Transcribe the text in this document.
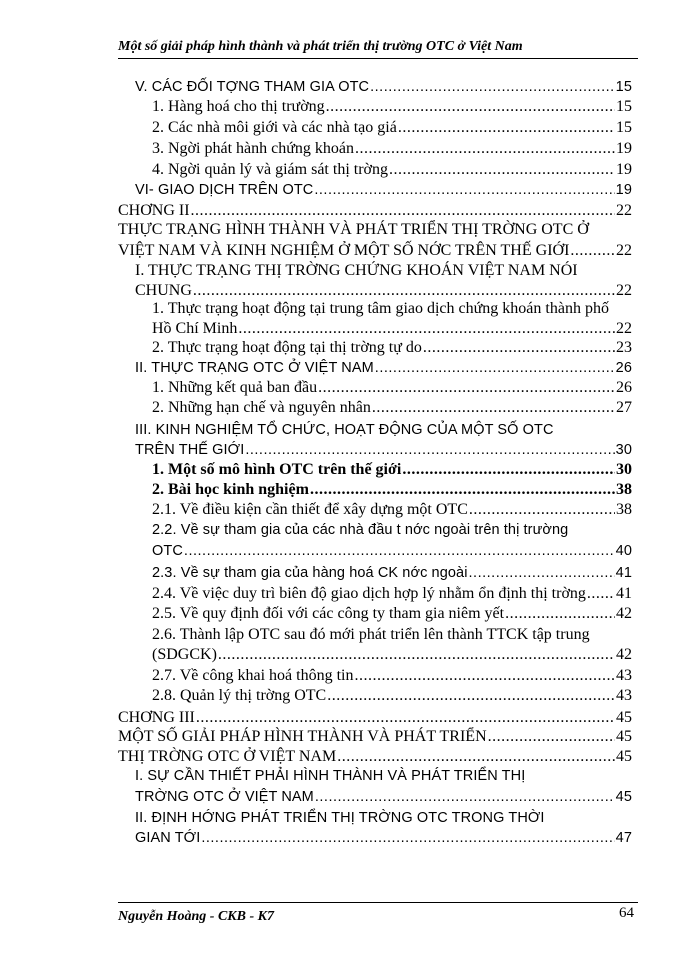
Một số giải pháp hình thành và phát triển thị trường OTC ở Việt Nam
V. CÁC ĐỐI TỢNG THAM GIA OTC .....	15
1. Hàng hoá cho thị trường .....	15
2. Các nhà môi giới và các nhà tạo giá .....	15
3. Ngời phát hành chứng khoán .....	19
4. Ngời quản lý và giám sát thị trờng .....	19
VI- GIAO DỊCH TRÊN OTC .....	19
CHƠNG II .....	22
THỰC TRẠNG HÌNH THÀNH VÀ PHÁT TRIỂN THỊ TRỜNG OTC Ở
VIỆT NAM VÀ KINH NGHIỆM Ở MỘT SỐ NỚC TRÊN THẾ GIỚI .....	22
I. THỰC TRẠNG THỊ TRỜNG CHỨNG KHOÁN VIỆT NAM NÓI
CHUNG .....	22
1. Thực trạng hoạt động tại trung tâm giao dịch chứng khoán thành phố
Hồ Chí Minh .....	22
2. Thực trạng hoạt động tại thị trờng tự do .....	23
II. THỰC TRẠNG OTC Ở VIỆT NAM .....	26
1. Những kết quả ban đầu .....	26
2. Những hạn chế và nguyên nhân .....	27
III. KINH NGHIỆM TỔ CHỨC, HOẠT ĐỘNG CỦA MỘT SỐ OTC
TRÊN THẾ GIỚI .....	30
1. Một số mô hình OTC trên thế giới .....	30
2. Bài học kinh nghiệm .....	38
2.1. Về điều kiện cần thiết để xây dựng một OTC .....	38
2.2. Về sự tham gia của các nhà đầu t nớc ngoài trên thị trường
OTC .....	40
2.3. Về sự tham gia của hàng hoá CK nớc ngoài .....	41
2.4. Về việc duy trì biên độ giao dịch hợp lý nhằm ổn định thị trờng ..... 41
2.5. Về quy định đối với các công ty tham gia niêm yết .....	42
2.6. Thành lập OTC sau đó mới phát triển lên thành TTCK tập trung
(SDGCK) .....	42
2.7. Về công khai hoá thông tin .....	43
2.8. Quản lý thị trờng OTC .....	43
CHƠNG III .....	45
MỘT SỐ GIẢI PHÁP HÌNH THÀNH VÀ PHÁT TRIỂN .....	45
THỊ TRỜNG OTC Ở VIỆT NAM .....	45
I. SỰ CẦN THIẾT PHẢI HÌNH THÀNH VÀ PHÁT TRIỂN THỊ
TRỜNG OTC Ở VIỆT NAM .....	45
II. ĐỊNH HỚNG PHÁT TRIỂN THỊ TRỜNG OTC TRONG THỜI
GIAN TỚI .....	47
Nguyễn Hoàng - CKB - K7	64
